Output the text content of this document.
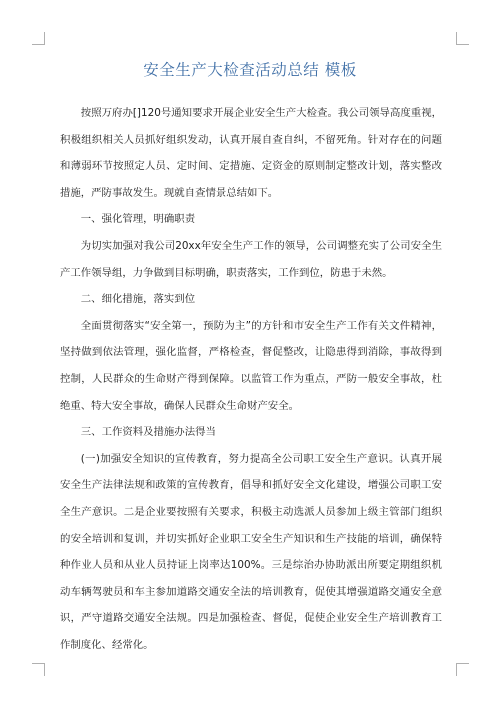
安全生产大检查活动总结 模板

按照万府办[]120号通知要求开展企业安全生产大检查。我公司领导高度重视，积极组织相关人员抓好组织发动，认真开展自查自纠，不留死角。针对存在的问题和薄弱环节按照定人员、定时间、定措施、定资金的原则制定整改计划，落实整改措施，严防事故发生。现就自查情景总结如下。

一、强化管理，明确职责

为切实加强对我公司20xx年安全生产工作的领导，公司调整充实了公司安全生产工作领导组，力争做到目标明确，职责落实，工作到位，防患于未然。

二、细化措施，落实到位

全面贯彻落实“安全第一，预防为主”的方针和市安全生产工作有关文件精神，坚持做到依法管理，强化监督，严格检查，督促整改，让隐患得到消除，事故得到控制，人民群众的生命财产得到保障。以监管工作为重点，严防一般安全事故，杜绝重、特大安全事故，确保人民群众生命财产安全。

三、工作资料及措施办法得当

(一)加强安全知识的宣传教育，努力提高全公司职工安全生产意识。认真开展安全生产法律法规和政策的宣传教育，倡导和抓好安全文化建设，增强公司职工安全生产意识。二是企业要按照有关要求，积极主动选派人员参加上级主管部门组织的安全培训和复训，并切实抓好企业职工安全生产知识和生产技能的培训，确保特种作业人员和从业人员持证上岗率达100%。三是综治办协助派出所要定期组织机动车辆驾驶员和车主参加道路交通安全法的培训教育，促使其增强道路交通安全意识，严守道路交通安全法规。四是加强检查、督促，促使企业安全生产培训教育工作制度化、经常化。
